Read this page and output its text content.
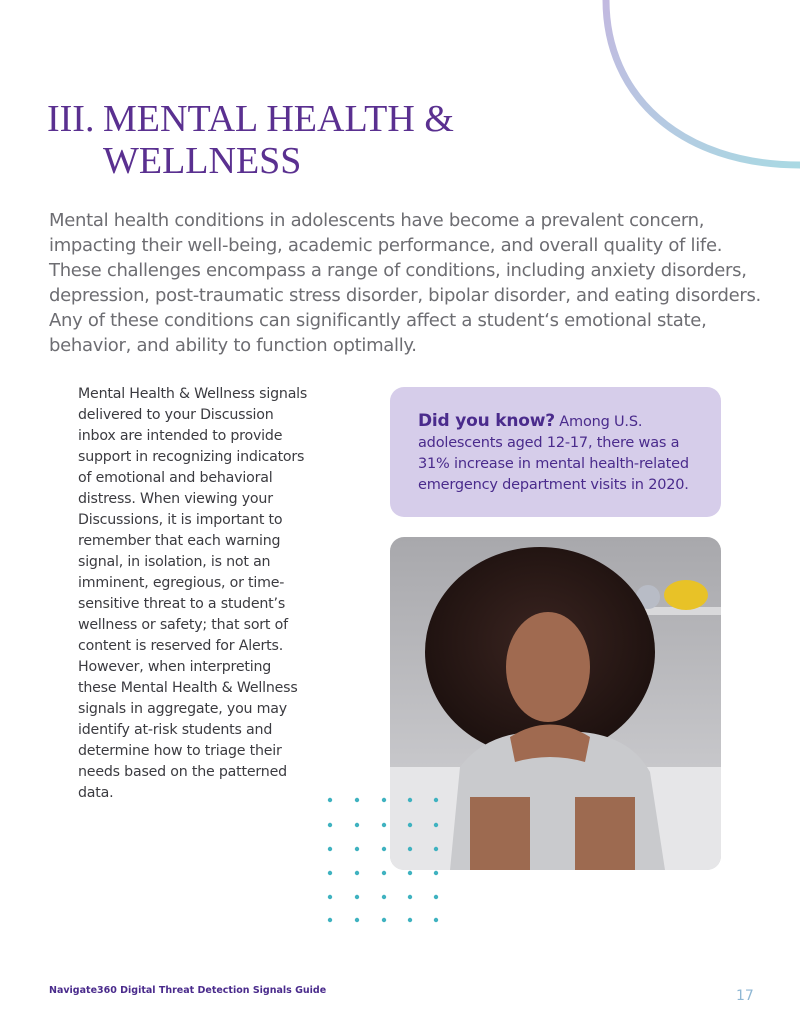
III. MENTAL HEALTH &
WELLNESS

Mental health conditions in adolescents have become a prevalent concern, impacting their well-being, academic performance, and overall quality of life. These challenges encompass a range of conditions, including anxiety disorders, depression, post-traumatic stress disorder, bipolar disorder, and eating disorders. Any of these conditions can significantly affect a student‘s emotional state, behavior, and ability to function optimally.

Mental Health & Wellness signals delivered to your Discussion inbox are intended to provide support in recognizing indicators of emotional and behavioral distress. When viewing your Discussions, it is important to remember that each warning signal, in isolation, is not an imminent, egregious, or time-sensitive threat to a student’s wellness or safety; that sort of content is reserved for Alerts. However, when interpreting these Mental Health & Wellness signals in aggregate, you may identify at-risk students and determine how to triage their needs based on the patterned data.

Did you know? Among U.S. adolescents aged 12-17, there was a 31% increase in mental health-related emergency department visits in 2020.

Navigate360 Digital Threat Detection Signals Guide	17
